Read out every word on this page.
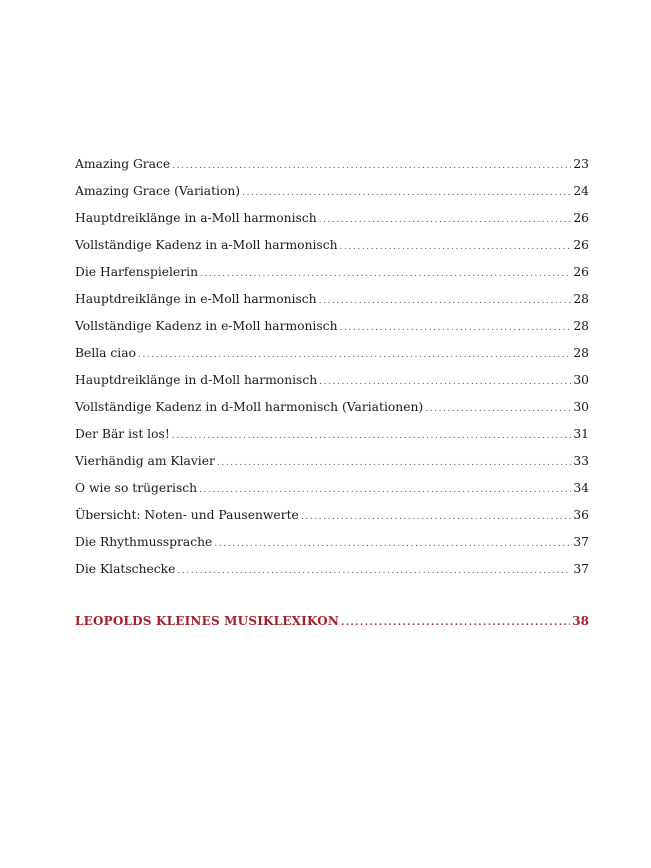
Amazing Grace .....	23
Amazing Grace (Variation) .....	24
Hauptdreiklänge in a-Moll harmonisch .....	26
Vollständige Kadenz in a-Moll harmonisch .....	26
Die Harfenspielerin .....	26
Hauptdreiklänge in e-Moll harmonisch .....	28
Vollständige Kadenz in e-Moll harmonisch .....	28
Bella ciao .....	28
Hauptdreiklänge in d-Moll harmonisch .....	30
Vollständige Kadenz in d-Moll harmonisch (Variationen) .....	30
Der Bär ist los! .....	31
Vierhändig am Klavier .....	33
O wie so trügerisch .....	34
Übersicht: Noten- und Pausenwerte .....	36
Die Rhythmussprache .....	37
Die Klatschecke .....	37
LEOPOLDS KLEINES MUSIKLEXIKON .....	38
